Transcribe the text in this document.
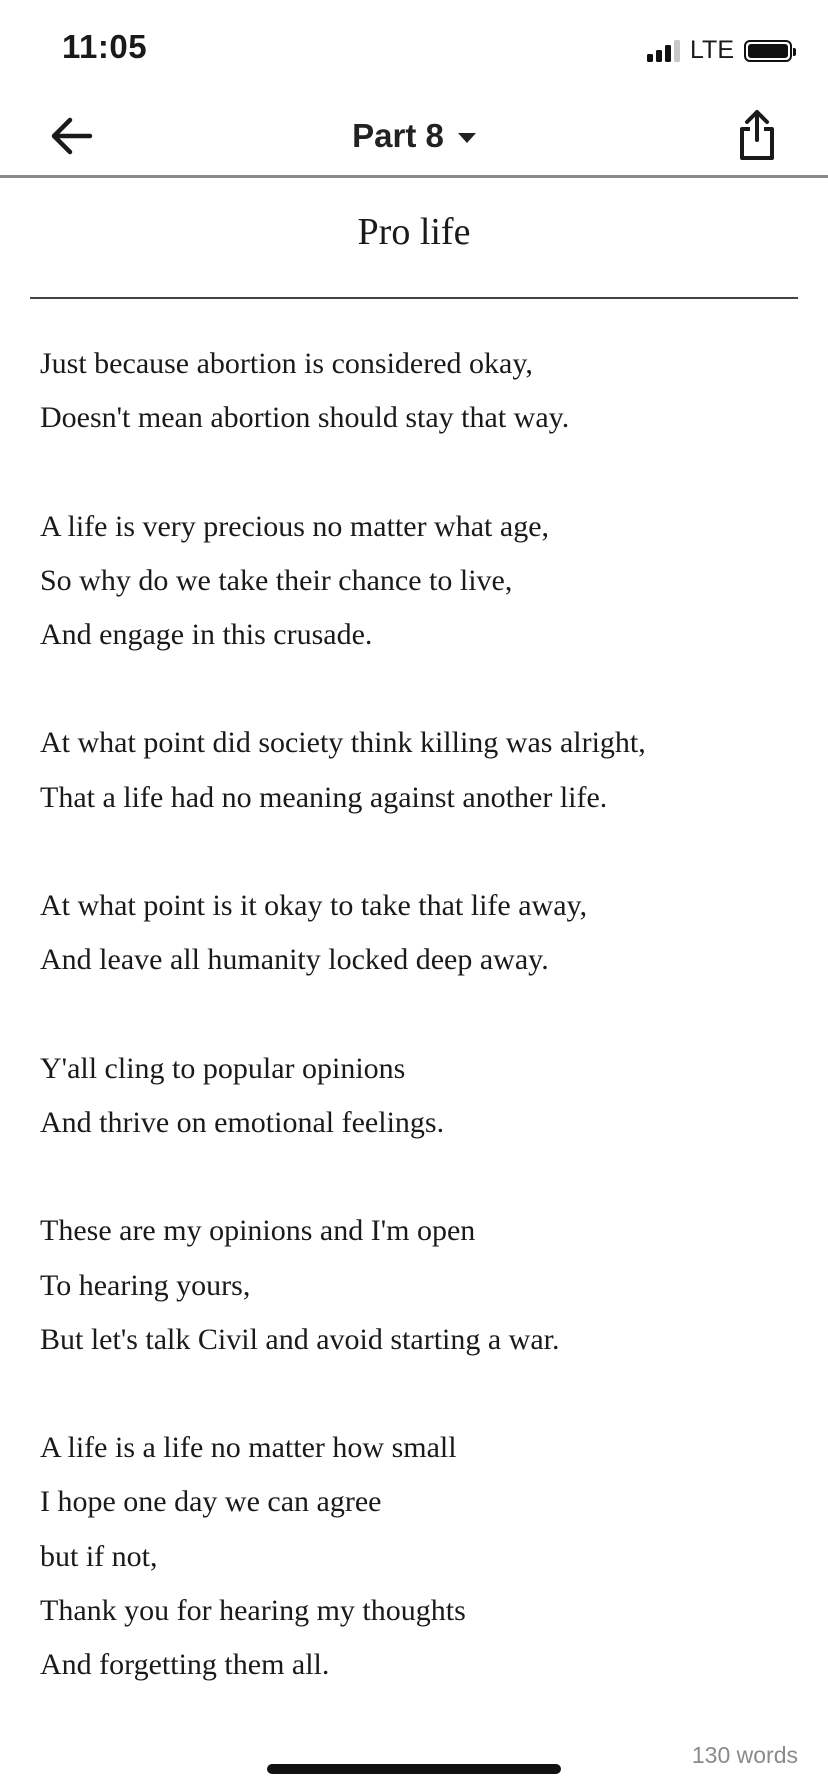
11:05	LTE
Part 8
Pro life
Just because abortion is considered okay,
Doesn't mean abortion should stay that way.
A life is very precious no matter what age,
So why do we take their chance to live,
And engage in this crusade.
At what point did society think killing was alright,
That a life had no meaning against another life.
At what point is it okay to take that life away,
And leave all humanity locked deep away.
Y'all cling to popular opinions
And thrive on emotional feelings.
These are my opinions and I'm open
To hearing yours,
But let's talk Civil and avoid starting a war.
A life is a life no matter how small
I hope one day we can agree
but if not,
Thank you for hearing my thoughts
And forgetting them all.
130 words
